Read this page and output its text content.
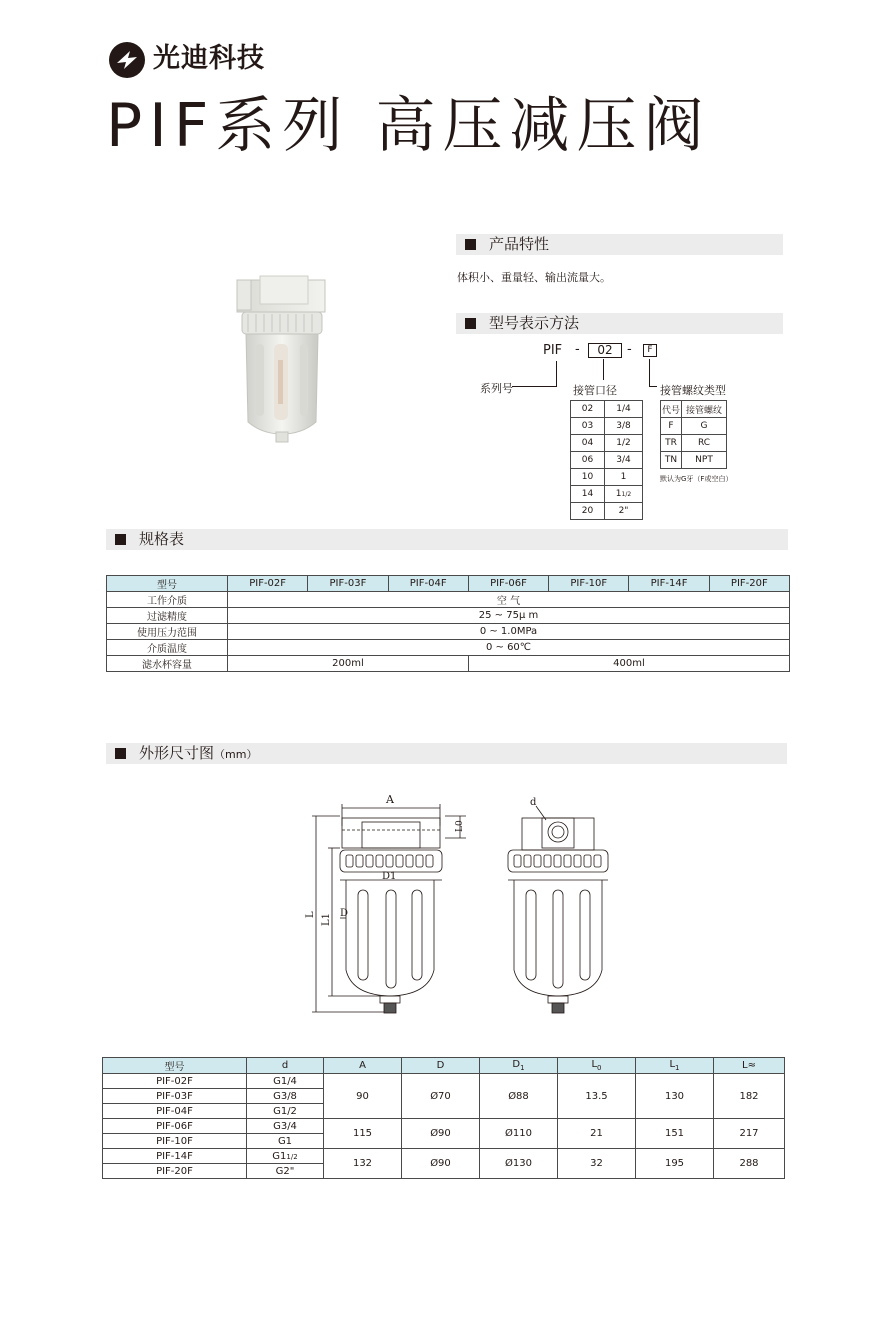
光迪科技
PIF系列 高压减压阀
产品特性
体积小、重量轻、输出流量大。
型号表示方法
PIF -	02	-	F
系列号	接管口径	接管螺纹类型
02	1/4
03	3/8
04	1/2
06	3/4
10	1
14	11/2
20	2"
代号	接管螺纹
F	G
TR	RC
TN	NPT
默认为G牙（F或空白）
规格表
型号	PIF-02F	PIF-03F	PIF-04F	PIF-06F	PIF-10F	PIF-14F	PIF-20F
工作介质	空 气						
过滤精度	25 ~ 75μ m						
使用压力范围	0 ~ 1.0MPa						
介质温度	0 ~ 60℃						
滤水杯容量	200ml			400ml			
外形尺寸图（mm）
A
L0
D1
D
L L1
d
型号	d	A	D	$D_1$	$L_0$	$L_1$	L≈
PIF-02F	G1/4	90	Ø70	Ø88	13.5	130	182
PIF-03F	G3/8						
PIF-04F	G1/2						
PIF-06F	G3/4	115	Ø90	Ø110	21	151	217
PIF-10F	G1						
PIF-14F	G11/2	132	Ø90	Ø130	32	195	288
PIF-20F	G2"						
